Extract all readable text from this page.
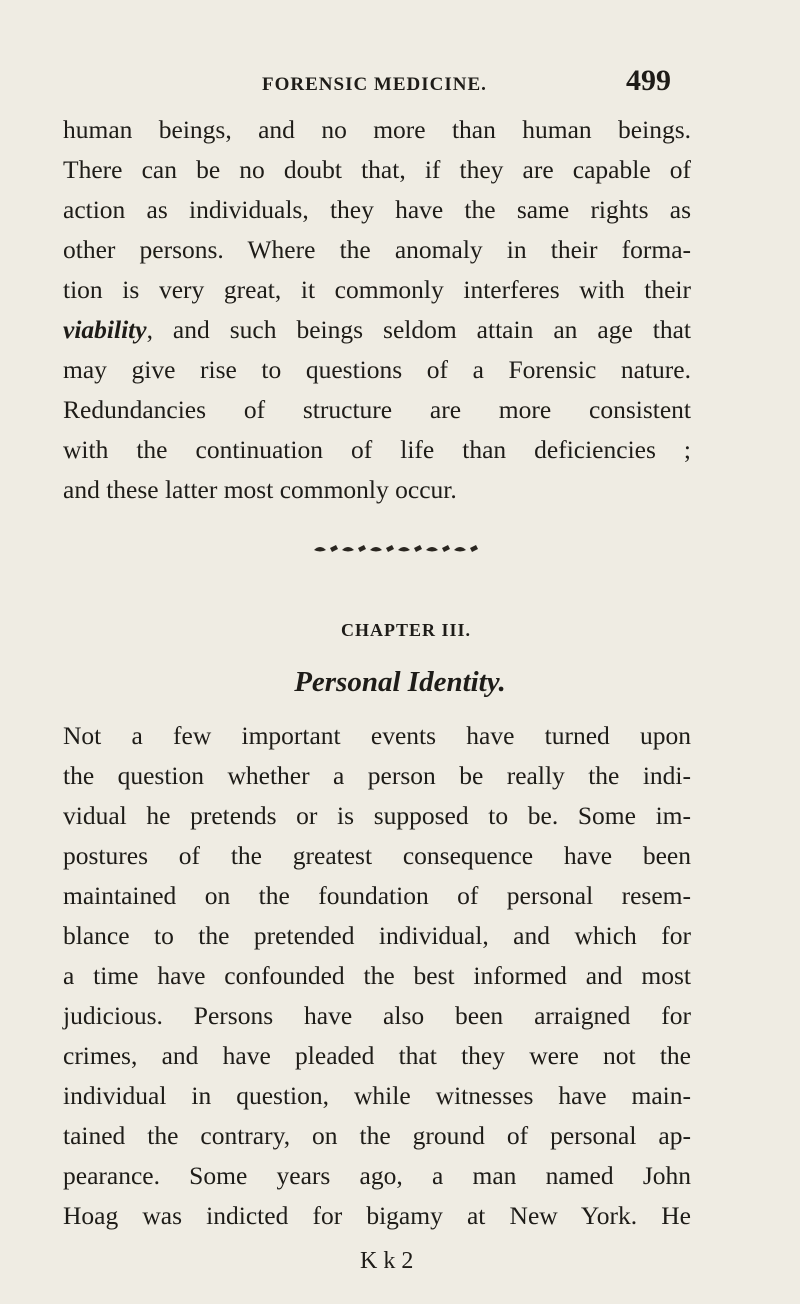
FORENSIC MEDICINE.	499
human beings, and no more than human beings.
There can be no doubt that, if they are capable of
action as individuals, they have the same rights as
other persons. Where the anomaly in their forma-
tion is very great, it commonly interferes with their
viability, and such beings seldom attain an age that
may give rise to questions of a Forensic nature.
Redundancies of structure are more consistent
with the continuation of life than deficiencies ;
and these latter most commonly occur.
CHAPTER III.
Personal Identity.
Not a few important events have turned upon
the question whether a person be really the indi-
vidual he pretends or is supposed to be. Some im-
postures of the greatest consequence have been
maintained on the foundation of personal resem-
blance to the pretended individual, and which for
a time have confounded the best informed and most
judicious. Persons have also been arraigned for
crimes, and have pleaded that they were not the
individual in question, while witnesses have main-
tained the contrary, on the ground of personal ap-
pearance. Some years ago, a man named John
Hoag was indicted for bigamy at New York. He
K k 2
